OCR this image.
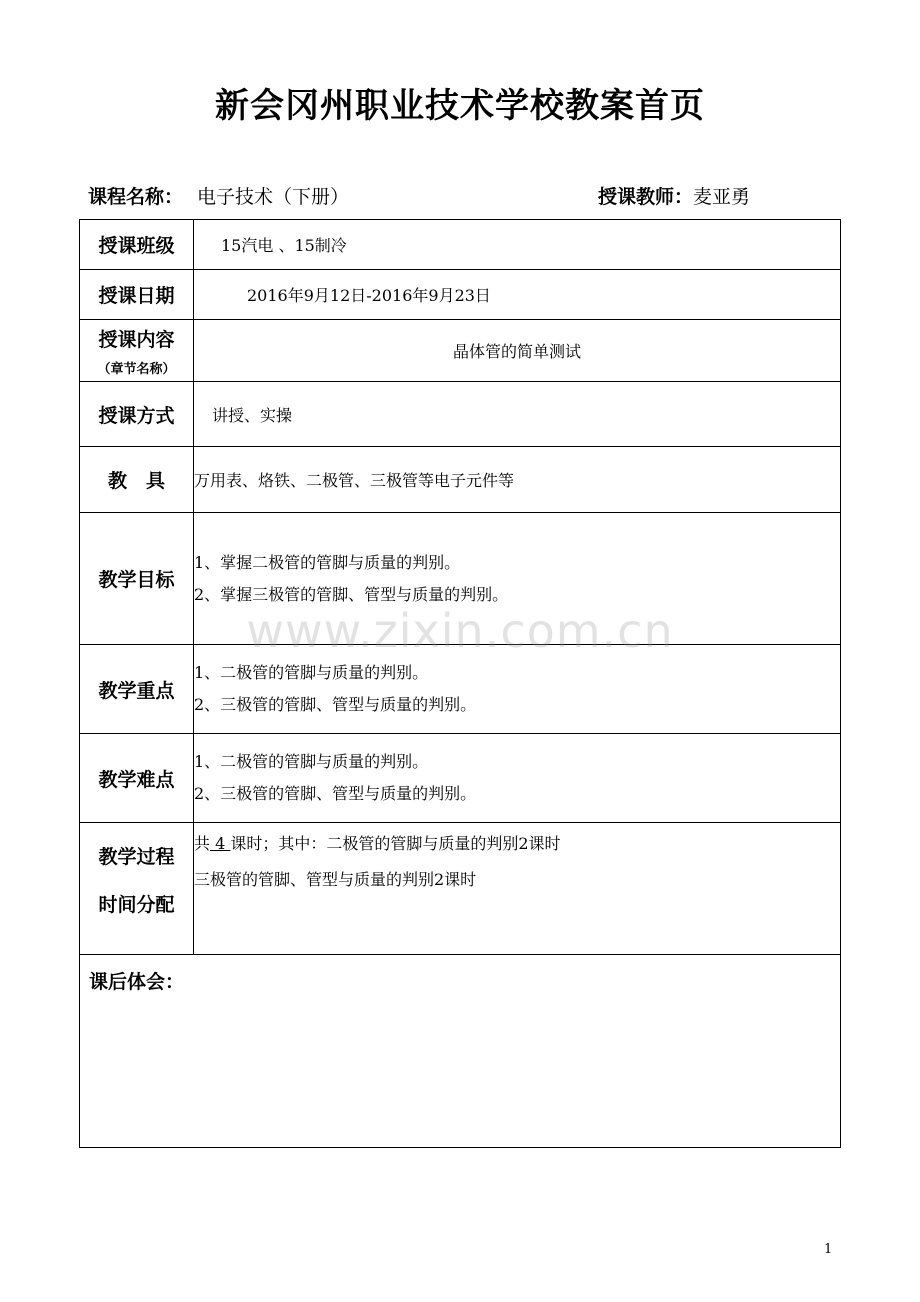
新会冈州职业技术学校教案首页
课程名称： 电子技术（下册）	授课教师：麦亚勇
授课班级	15汽电 、15制冷
授课日期	2016年9月12日-2016年9月23日
授课内容
（章节名称）	晶体管的简单测试
授课方式	讲授、实操
教　具	万用表、烙铁、二极管、三极管等电子元件等
教学目标	1、掌握二极管的管脚与质量的判别。
2、掌握三极管的管脚、管型与质量的判别。

教学重点	1、二极管的管脚与质量的判别。
2、三极管的管脚、管型与质量的判别。

教学难点	1、二极管的管脚与质量的判别。
2、三极管的管脚、管型与质量的判别。

教学过程
时间分配	共 4 课时；其中：二极管的管脚与质量的判别2课时
三极管的管脚、管型与质量的判别2课时

课后体会：	
www.zixin.com.cn
1
